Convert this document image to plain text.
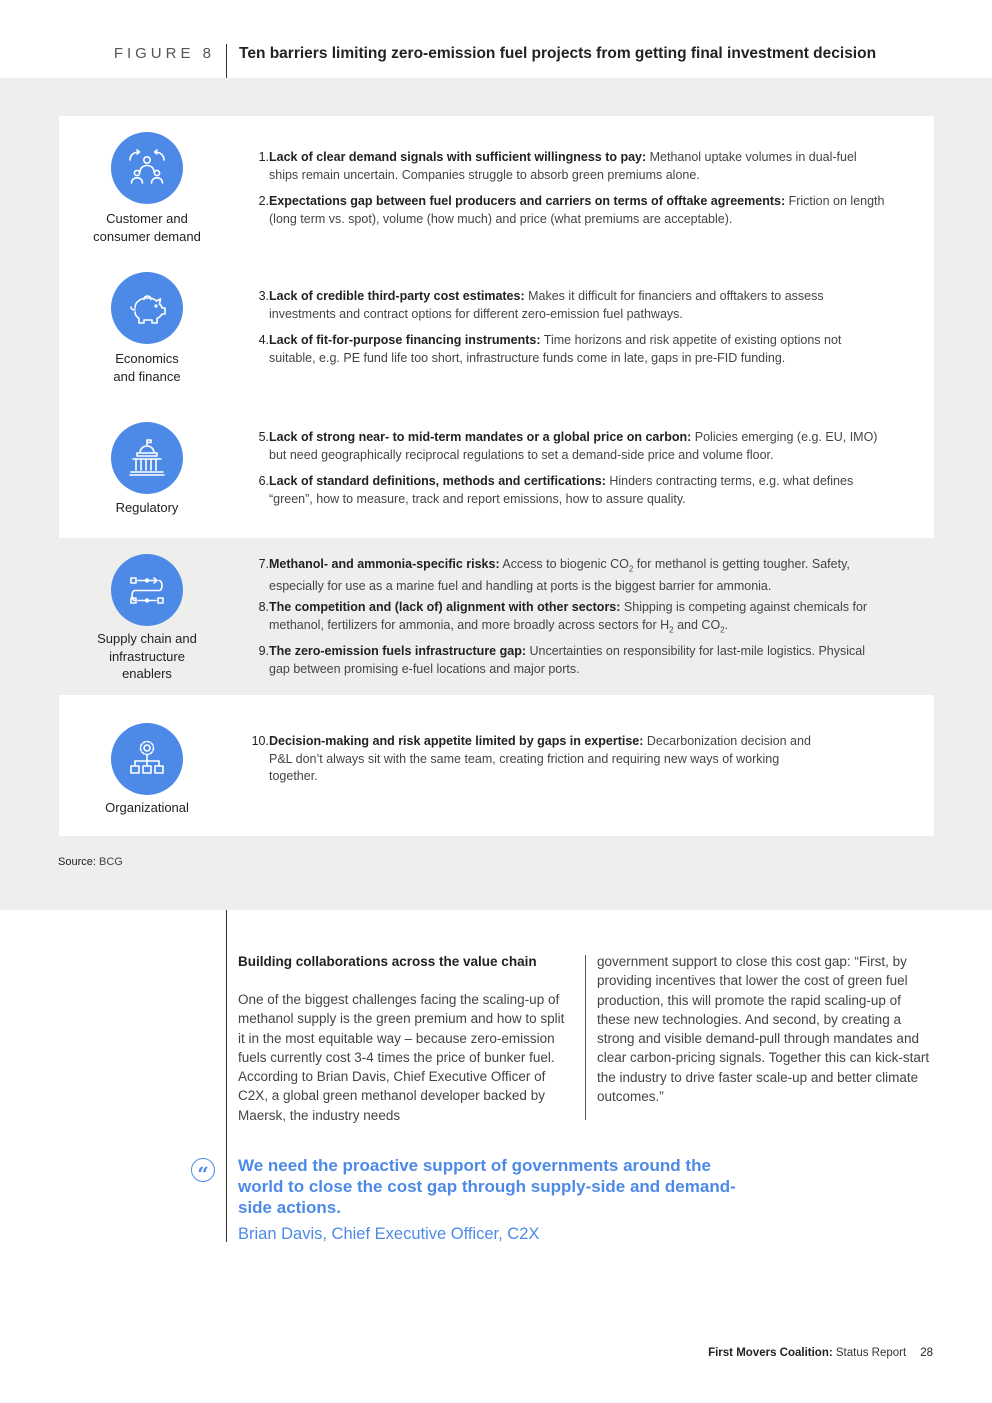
FIGURE 8 Ten barriers limiting zero-emission fuel projects from getting final investment decision
Customer and
consumer demand
1. Lack of clear demand signals with sufficient willingness to pay: Methanol uptake volumes in dual-fuel ships remain uncertain. Companies struggle to absorb green premiums alone.
2. Expectations gap between fuel producers and carriers on terms of offtake agreements: Friction on length (long term vs. spot), volume (how much) and price (what premiums are acceptable).
Economics
and finance
3. Lack of credible third-party cost estimates: Makes it difficult for financiers and offtakers to assess investments and contract options for different zero-emission fuel pathways.
4. Lack of fit-for-purpose financing instruments: Time horizons and risk appetite of existing options not suitable, e.g. PE fund life too short, infrastructure funds come in late, gaps in pre-FID funding.
Regulatory
5. Lack of strong near- to mid-term mandates or a global price on carbon: Policies emerging (e.g. EU, IMO) but need geographically reciprocal regulations to set a demand-side price and volume floor.
6. Lack of standard definitions, methods and certifications: Hinders contracting terms, e.g. what defines “green”, how to measure, track and report emissions, how to assure quality.
Supply chain and
infrastructure
enablers
7. Methanol- and ammonia-specific risks: Access to biogenic $CO_2$ for methanol is getting tougher. Safety, especially for use as a marine fuel and handling at ports is the biggest barrier for ammonia.
8. The competition and (lack of) alignment with other sectors: Shipping is competing against chemicals for methanol, fertilizers for ammonia, and more broadly across sectors for $H_2$ and $CO_2$.
9. The zero-emission fuels infrastructure gap: Uncertainties on responsibility for last-mile logistics. Physical gap between promising e-fuel locations and major ports.
Organizational
10. Decision-making and risk appetite limited by gaps in expertise: Decarbonization decision and P&L don’t always sit with the same team, creating friction and requiring new ways of working together.
Source: BCG
Building collaborations across the value chain
One of the biggest challenges facing the scaling-up of methanol supply is the green premium and how to split it in the most equitable way – because zero-emission fuels currently cost 3-4 times the price of bunker fuel. According to Brian Davis, Chief Executive Officer of C2X, a global green methanol developer backed by Maersk, the industry needs
government support to close this cost gap: “First, by providing incentives that lower the cost of green fuel production, this will promote the rapid scaling-up of these new technologies. And second, by creating a strong and visible demand-pull through mandates and clear carbon-pricing signals. Together this can kick-start the industry to drive faster scale-up and better climate outcomes.”
“	We need the proactive support of governments around the world to close the cost gap through supply-side and demand-side actions.
Brian Davis, Chief Executive Officer, C2X
First Movers Coalition: Status Report 28
